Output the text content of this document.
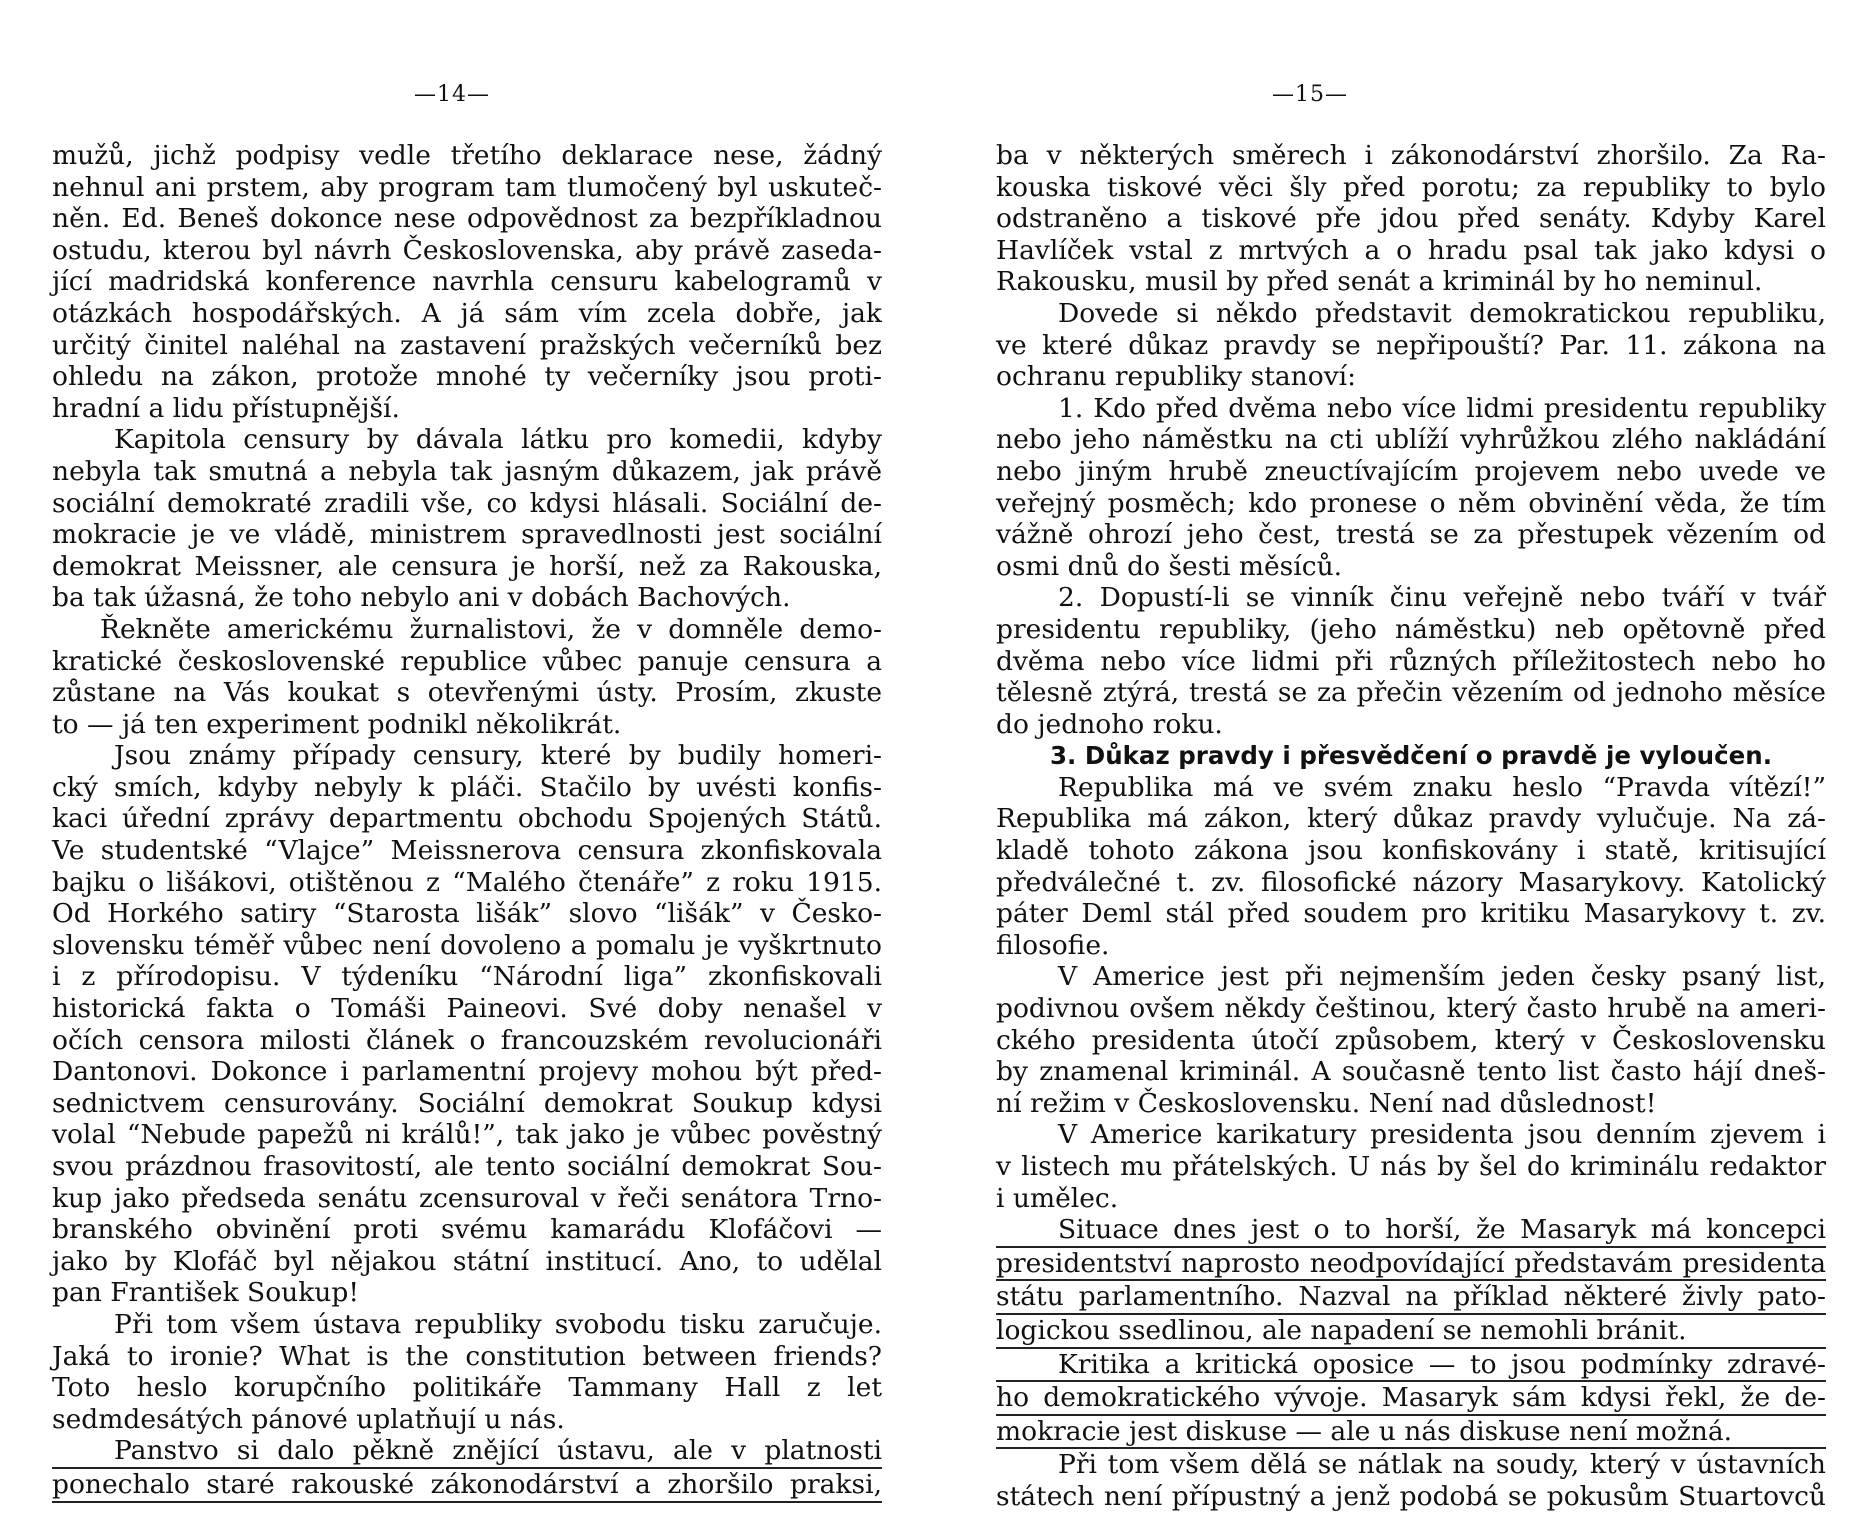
—14—
mužů, jichž podpisy vedle třetího deklarace nese, žádný
nehnul ani prstem, aby program tam tlumočený byl uskuteč-
něn. Ed. Beneš dokonce nese odpovědnost za bezpříkladnou
ostudu, kterou byl návrh Československa, aby právě zaseda-
jící madridská konference navrhla censuru kabelogramů v
otázkách hospodářských. A já sám vím zcela dobře, jak
určitý činitel naléhal na zastavení pražských večerníků bez
ohledu na zákon, protože mnohé ty večerníky jsou proti-
hradní a lidu přístupnější.
Kapitola censury by dávala látku pro komedii, kdyby
nebyla tak smutná a nebyla tak jasným důkazem, jak právě
sociální demokraté zradili vše, co kdysi hlásali. Sociální de-
mokracie je ve vládě, ministrem spravedlnosti jest sociální
demokrat Meissner, ale censura je horší, než za Rakouska,
ba tak úžasná, že toho nebylo ani v dobách Bachových.
Řekněte americkému žurnalistovi, že v domněle demo-
kratické československé republice vůbec panuje censura a
zůstane na Vás koukat s otevřenými ústy. Prosím, zkuste
to — já ten experiment podnikl několikrát.
Jsou známy případy censury, které by budily homeri-
cký smích, kdyby nebyly k pláči. Stačilo by uvésti konfis-
kaci úřední zprávy departmentu obchodu Spojených Států.
Ve studentské “Vlajce” Meissnerova censura zkonfiskovala
bajku o lišákovi, otištěnou z “Malého čtenáře” z roku 1915.
Od Horkého satiry “Starosta lišák” slovo “lišák” v Česko-
slovensku téměř vůbec není dovoleno a pomalu je vyškrtnuto
i z přírodopisu. V týdeníku “Národní liga” zkonfiskovali
historická fakta o Tomáši Paineovi. Své doby nenašel v
očích censora milosti článek o francouzském revolucionáři
Dantonovi. Dokonce i parlamentní projevy mohou být před-
sednictvem censurovány. Sociální demokrat Soukup kdysi
volal “Nebude papežů ni králů!”, tak jako je vůbec pověstný
svou prázdnou frasovitostí, ale tento sociální demokrat Sou-
kup jako předseda senátu zcensuroval v řeči senátora Trno-
branského obvinění proti svému kamarádu Klofáčovi —
jako by Klofáč byl nějakou státní institucí. Ano, to udělal
pan František Soukup!
Při tom všem ústava republiky svobodu tisku zaručuje.
Jaká to ironie? What is the constitution between friends?
Toto heslo korupčního politikáře Tammany Hall z let
sedmdesátých pánové uplatňují u nás.
Panstvo si dalo pěkně znějící ústavu, ale v platnosti
ponechalo staré rakouské zákonodárství a zhoršilo praksi,
—15—
ba v některých směrech i zákonodárství zhoršilo. Za Ra-
kouska tiskové věci šly před porotu; za republiky to bylo
odstraněno a tiskové pře jdou před senáty. Kdyby Karel
Havlíček vstal z mrtvých a o hradu psal tak jako kdysi o
Rakousku, musil by před senát a kriminál by ho neminul.
Dovede si někdo představit demokratickou republiku,
ve které důkaz pravdy se nepřipouští? Par. 11. zákona na
ochranu republiky stanoví:
1. Kdo před dvěma nebo více lidmi presidentu republiky
nebo jeho náměstku na cti ublíží vyhrůžkou zlého nakládání
nebo jiným hrubě zneuctívajícím projevem nebo uvede ve
veřejný posměch; kdo pronese o něm obvinění věda, že tím
vážně ohrozí jeho čest, trestá se za přestupek vězením od
osmi dnů do šesti měsíců.
2. Dopustí-li se vinník činu veřejně nebo tváří v tvář
presidentu republiky, (jeho náměstku) neb opětovně před
dvěma nebo více lidmi při různých příležitostech nebo ho
tělesně ztýrá, trestá se za přečin vězením od jednoho měsíce
do jednoho roku.
3. Důkaz pravdy i přesvědčení o pravdě je vyloučen.
Republika má ve svém znaku heslo “Pravda vítězí!”
Republika má zákon, který důkaz pravdy vylučuje. Na zá-
kladě tohoto zákona jsou konfiskovány i statě, kritisující
předválečné t. zv. filosofické názory Masarykovy. Katolický
páter Deml stál před soudem pro kritiku Masarykovy t. zv.
filosofie.
V Americe jest při nejmenším jeden česky psaný list,
podivnou ovšem někdy češtinou, který často hrubě na ameri-
ckého presidenta útočí způsobem, který v Československu
by znamenal kriminál. A současně tento list často hájí dneš-
ní režim v Československu. Není nad důslednost!
V Americe karikatury presidenta jsou denním zjevem i
v listech mu přátelských. U nás by šel do kriminálu redaktor
i umělec.
Situace dnes jest o to horší, že Masaryk má koncepci
presidentství naprosto neodpovídající představám presidenta
státu parlamentního. Nazval na příklad některé živly pato-
logickou ssedlinou, ale napadení se nemohli bránit.
Kritika a kritická oposice — to jsou podmínky zdravé-
ho demokratického vývoje. Masaryk sám kdysi řekl, že de-
mokracie jest diskuse — ale u nás diskuse není možná.
Při tom všem dělá se nátlak na soudy, který v ústavních
státech není přípustný a jenž podobá se pokusům Stuartovců
